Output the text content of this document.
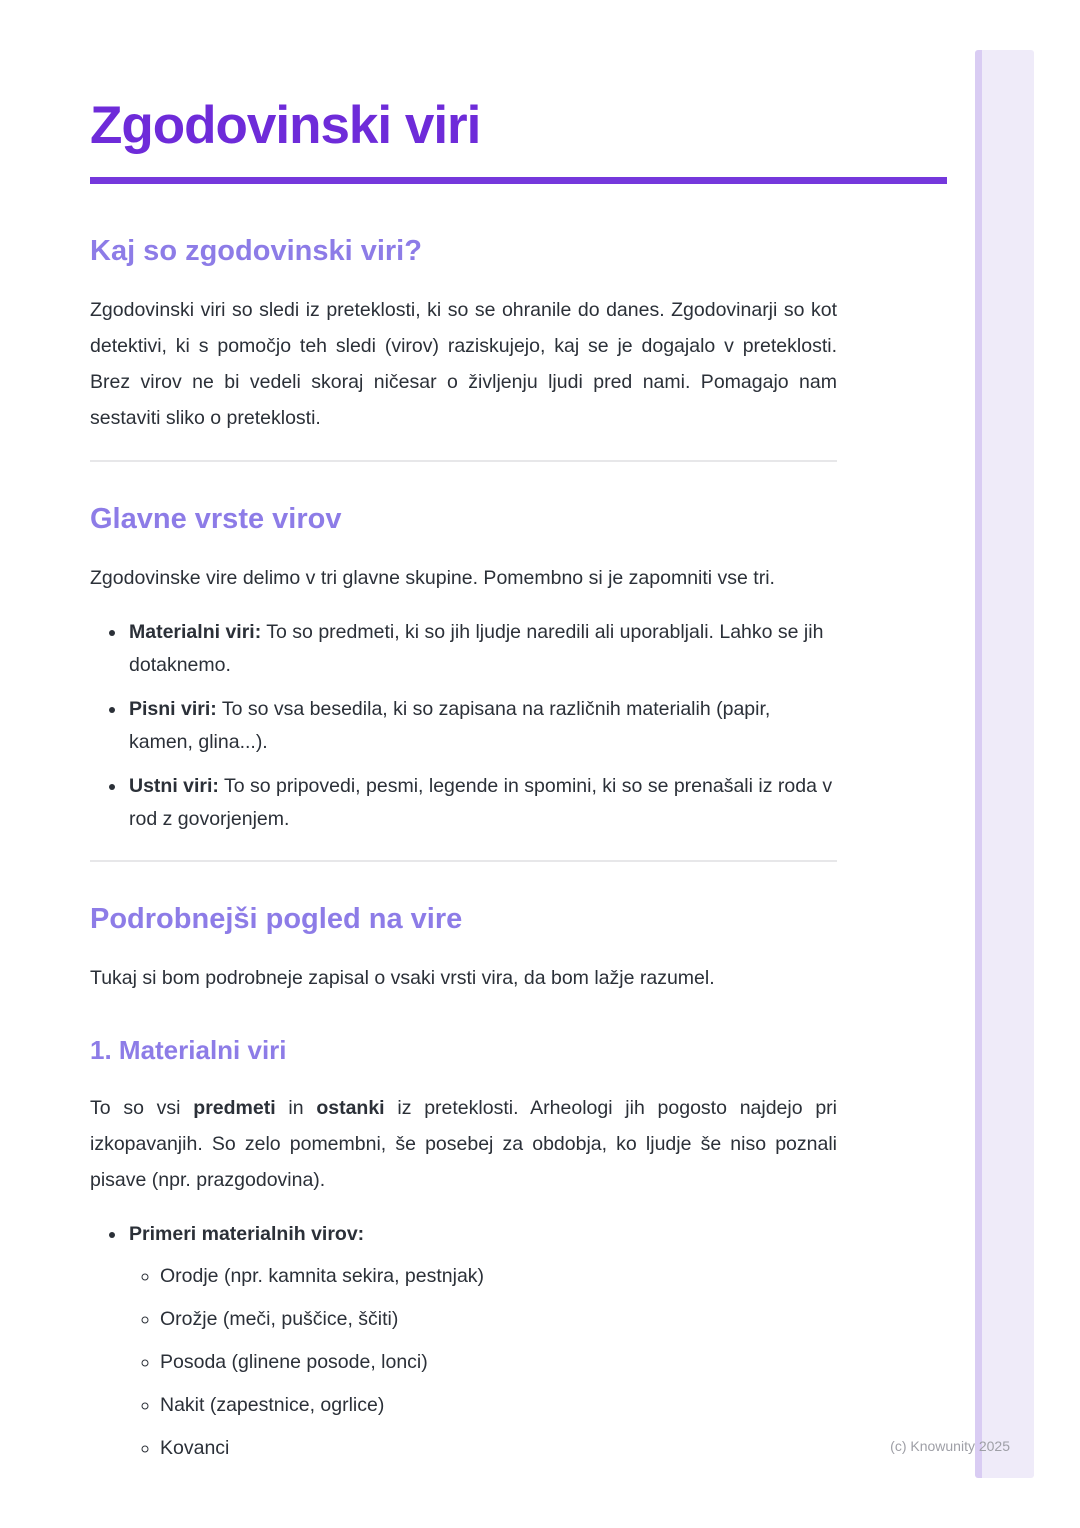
Zgodovinski viri
Kaj so zgodovinski viri?

Zgodovinski viri so sledi iz preteklosti, ki so se ohranile do danes. Zgodovinarji so kot detektivi, ki s pomočjo teh sledi (virov) raziskujejo, kaj se je dogajalo v preteklosti. Brez virov ne bi vedeli skoraj ničesar o življenju ljudi pred nami. Pomagajo nam sestaviti sliko o preteklosti.

Glavne vrste virov

Zgodovinske vire delimo v tri glavne skupine. Pomembno si je zapomniti vse tri.

• Materialni viri: To so predmeti, ki so jih ljudje naredili ali uporabljali. Lahko se jih dotaknemo.
• Pisni viri: To so vsa besedila, ki so zapisana na različnih materialih (papir, kamen, glina...).
• Ustni viri: To so pripovedi, pesmi, legende in spomini, ki so se prenašali iz roda v rod z govorjenjem.
Podrobnejši pogled na vire

Tukaj si bom podrobneje zapisal o vsaki vrsti vira, da bom lažje razumel.

1. Materialni viri

To so vsi predmeti in ostanki iz preteklosti. Arheologi jih pogosto najdejo pri izkopavanjih. So zelo pomembni, še posebej za obdobja, ko ljudje še niso poznali pisave (npr. prazgodovina).

• Primeri materialnih virov:
◦ Orodje (npr. kamnita sekira, pestnjak)
◦ Orožje (meči, puščice, ščiti)
◦ Posoda (glinene posode, lonci)
◦ Nakit (zapestnice, ogrlice)
◦ Kovanci	(c) Knowunity 2025
